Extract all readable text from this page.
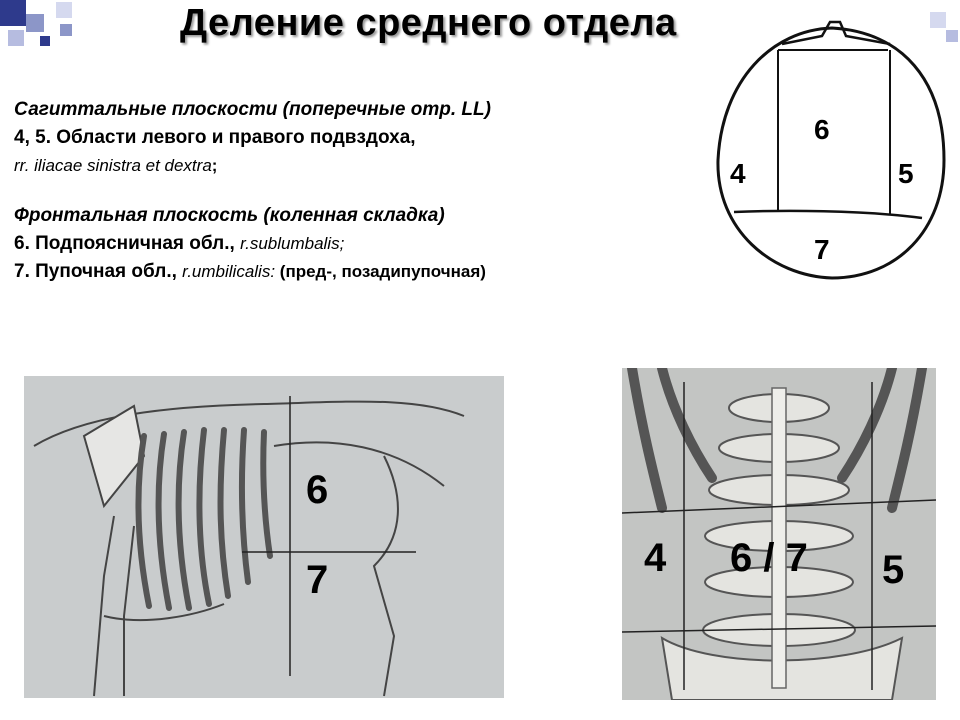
Деление среднего отдела
Сагиттальные плоскости (поперечные отр. LL)
4, 5. Области левого и правого подвздоха,
rr. iliacae sinistra et dextra;
Фронтальная плоскость (коленная складка)
6. Подпоясничная обл., r.sublumbalis;
7. Пупочная обл., r.umbilicalis: (пред-, позадипупочная)
6
4	5
7
6
7	4 6 / 7 5
